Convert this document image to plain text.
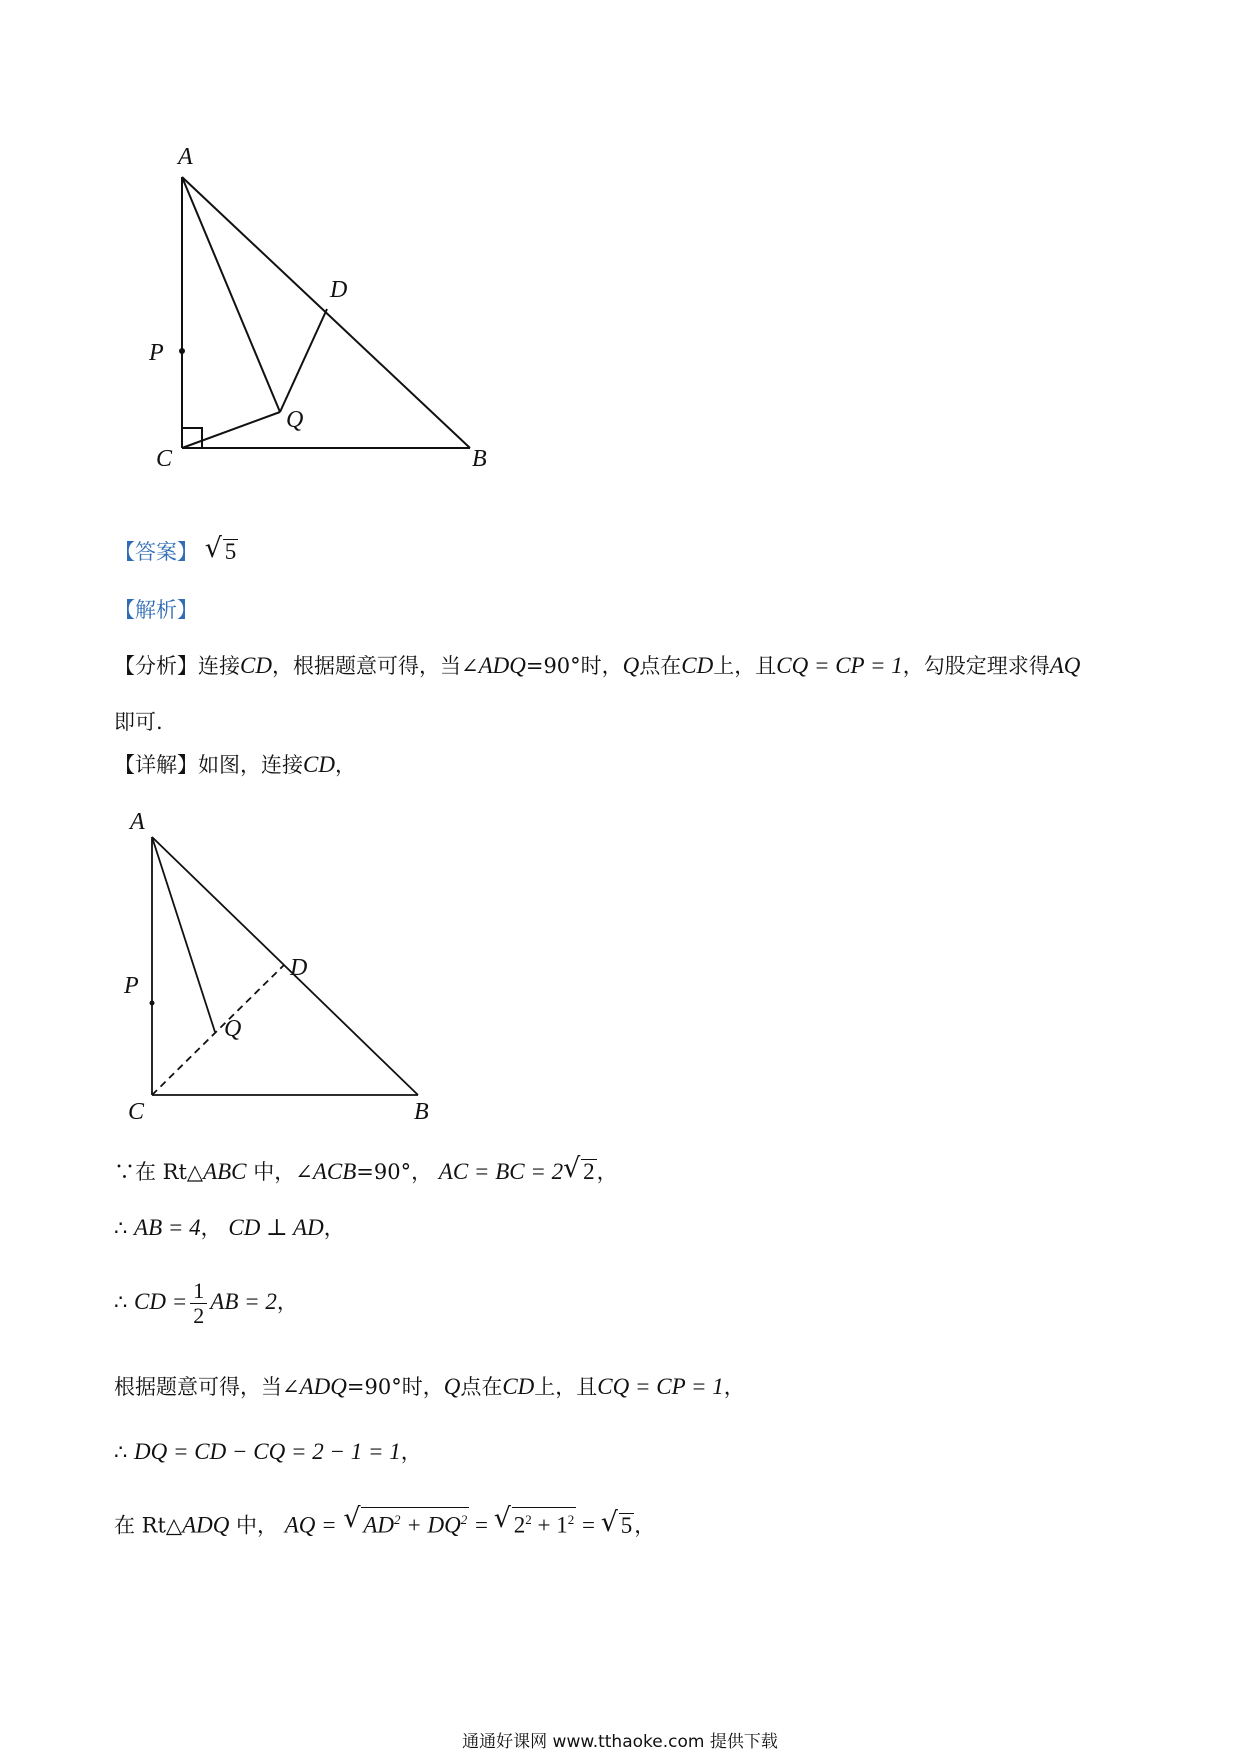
A
D
P
Q
C	B
【答案】 √ 5
【解析】
【分析】连接CD，根据题意可得，当∠ADQ=90°时，Q点在CD上，且CQ = CP = 1，勾股定理求得AQ
即可.
【详解】如图，连接CD，
A
D
P
Q
C	B
∵在 Rt△ABC 中，∠ACB=90°， AC = BC = 2 √ 2，
∴ AB = 4， CD ⊥ AD，
∴ CD = $\frac{1}{2}$ AB = 2，
根据题意可得，当∠ADQ=90°时，Q点在CD上，且CQ = CP = 1，
∴ DQ = CD − CQ = 2 − 1 = 1，
在 Rt△ADQ 中， AQ = √ $AD^2 + DQ^2$ = √ $2^2 + 1^2$ = √ 5，
通通好课网 www.tthaoke.com 提供下载
